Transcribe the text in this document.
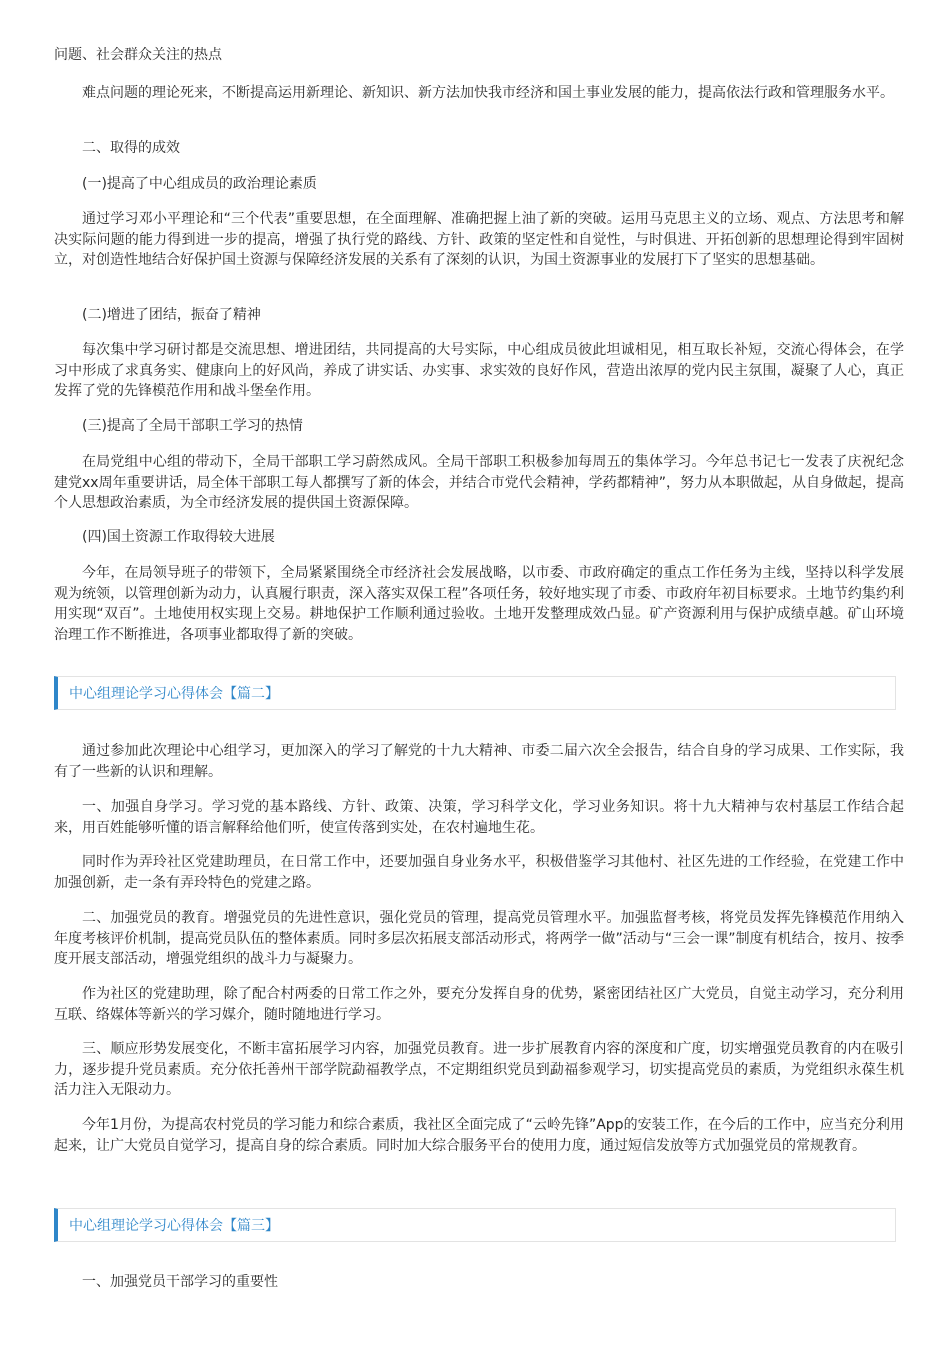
问题、社会群众关注的热点

难点问题的理论死来，不断提高运用新理论、新知识、新方法加快我市经济和国土事业发展的能力，提高依法行政和管理服务水平。

二、取得的成效

(一)提高了中心组成员的政治理论素质

通过学习邓小平理论和“三个代表”重要思想，在全面理解、准确把握上油了新的突破。运用马克思主义的立场、观点、方法思考和解决实际问题的能力得到进一步的提高，增强了执行党的路线、方针、政策的坚定性和自觉性，与时俱进、开拓创新的思想理论得到牢固树立，对创造性地结合好保护国土资源与保障经济发展的关系有了深刻的认识，为国土资源事业的发展打下了坚实的思想基础。

(二)增进了团结，振奋了精神

每次集中学习研讨都是交流思想、增进团结，共同提高的大号实际，中心组成员彼此坦诚相见，相互取长补短，交流心得体会，在学习中形成了求真务实、健康向上的好风尚，养成了讲实话、办实事、求实效的良好作风，营造出浓厚的党内民主氛围，凝聚了人心，真正发挥了党的先锋模范作用和战斗堡垒作用。

(三)提高了全局干部职工学习的热情

在局党组中心组的带动下，全局干部职工学习蔚然成风。全局干部职工积极参加每周五的集体学习。今年总书记七一发表了庆祝纪念建党xx周年重要讲话，局全体干部职工每人都撰写了新的体会，并结合市党代会精神，学药都精神”，努力从本职做起，从自身做起，提高个人思想政治素质，为全市经济发展的提供国土资源保障。

(四)国土资源工作取得较大进展

今年，在局领导班子的带领下，全局紧紧围绕全市经济社会发展战略，以市委、市政府确定的重点工作任务为主线，坚持以科学发展观为统领，以管理创新为动力，认真履行职责，深入落实双保工程”各项任务，较好地实现了市委、市政府年初目标要求。土地节约集约利用实现“双百”。土地使用权实现上交易。耕地保护工作顺利通过验收。土地开发整理成效凸显。矿产资源利用与保护成绩卓越。矿山环境治理工作不断推进，各项事业都取得了新的突破。

中心组理论学习心得体会【篇二】

通过参加此次理论中心组学习，更加深入的学习了解党的十九大精神、市委二届六次全会报告，结合自身的学习成果、工作实际，我有了一些新的认识和理解。

一、加强自身学习。学习党的基本路线、方针、政策、决策，学习科学文化，学习业务知识。将十九大精神与农村基层工作结合起来，用百姓能够听懂的语言解释给他们听，使宣传落到实处，在农村遍地生花。

同时作为弄玲社区党建助理员，在日常工作中，还要加强自身业务水平，积极借鉴学习其他村、社区先进的工作经验，在党建工作中加强创新，走一条有弄玲特色的党建之路。

二、加强党员的教育。增强党员的先进性意识，强化党员的管理，提高党员管理水平。加强监督考核，将党员发挥先锋模范作用纳入年度考核评价机制，提高党员队伍的整体素质。同时多层次拓展支部活动形式，将两学一做”活动与“三会一课”制度有机结合，按月、按季度开展支部活动，增强党组织的战斗力与凝聚力。

作为社区的党建助理，除了配合村两委的日常工作之外，要充分发挥自身的优势，紧密团结社区广大党员，自觉主动学习，充分利用互联、络媒体等新兴的学习媒介，随时随地进行学习。

三、顺应形势发展变化，不断丰富拓展学习内容，加强党员教育。进一步扩展教育内容的深度和广度，切实增强党员教育的内在吸引力，逐步提升党员素质。充分依托善州干部学院勐福教学点，不定期组织党员到勐福参观学习，切实提高党员的素质，为党组织永葆生机活力注入无限动力。

今年1月份，为提高农村党员的学习能力和综合素质，我社区全面完成了“云岭先锋”App的安装工作，在今后的工作中，应当充分利用起来，让广大党员自觉学习，提高自身的综合素质。同时加大综合服务平台的使用力度，通过短信发放等方式加强党员的常规教育。

中心组理论学习心得体会【篇三】

一、加强党员干部学习的重要性
